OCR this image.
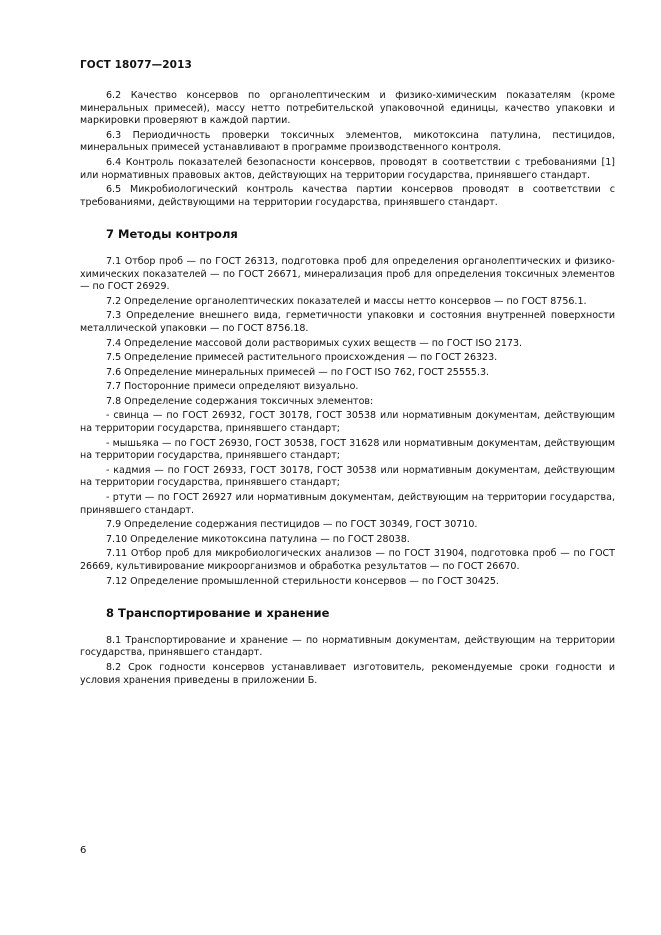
ГОСТ 18077—2013

6.2 Качество консервов по органолептическим и физико-химическим показателям (кроме минеральных примесей), массу нетто потребительской упаковочной единицы, качество упаковки и маркировки проверяют в каждой партии.

6.3 Периодичность проверки токсичных элементов, микотоксина патулина, пестицидов, минеральных примесей устанавливают в программе производственного контроля.

6.4 Контроль показателей безопасности консервов, проводят в соответствии с требованиями [1] или нормативных правовых актов, действующих на территории государства, принявшего стандарт.

6.5 Микробиологический контроль качества партии консервов проводят в соответствии с требованиями, действующими на территории государства, принявшего стандарт.

7 Методы контроля

7.1 Отбор проб — по ГОСТ 26313, подготовка проб для определения органолептических и физико-химических показателей — по ГОСТ 26671, минерализация проб для определения токсичных элементов — по ГОСТ 26929.

7.2 Определение органолептических показателей и массы нетто консервов — по ГОСТ 8756.1.

7.3 Определение внешнего вида, герметичности упаковки и состояния внутренней поверхности металлической упаковки — по ГОСТ 8756.18.

7.4 Определение массовой доли растворимых сухих веществ — по ГОСТ ISO 2173.

7.5 Определение примесей растительного происхождения — по ГОСТ 26323.

7.6 Определение минеральных примесей — по ГОСТ ISO 762, ГОСТ 25555.3.

7.7 Посторонние примеси определяют визуально.

7.8 Определение содержания токсичных элементов:

- свинца — по ГОСТ 26932, ГОСТ 30178, ГОСТ 30538 или нормативным документам, действующим на территории государства, принявшего стандарт;

- мышьяка — по ГОСТ 26930, ГОСТ 30538, ГОСТ 31628 или нормативным документам, действующим на территории государства, принявшего стандарт;

- кадмия — по ГОСТ 26933, ГОСТ 30178, ГОСТ 30538 или нормативным документам, действующим на территории государства, принявшего стандарт;

- ртути — по ГОСТ 26927 или нормативным документам, действующим на территории государства, принявшего стандарт.

7.9 Определение содержания пестицидов — по ГОСТ 30349, ГОСТ 30710.

7.10 Определение микотоксина патулина — по ГОСТ 28038.

7.11 Отбор проб для микробиологических анализов — по ГОСТ 31904, подготовка проб — по ГОСТ 26669, культивирование микроорганизмов и обработка результатов — по ГОСТ 26670.

7.12 Определение промышленной стерильности консервов — по ГОСТ 30425.

8 Транспортирование и хранение

8.1 Транспортирование и хранение — по нормативным документам, действующим на территории государства, принявшего стандарт.

8.2 Срок годности консервов устанавливает изготовитель, рекомендуемые сроки годности и условия хранения приведены в приложении Б.

6
